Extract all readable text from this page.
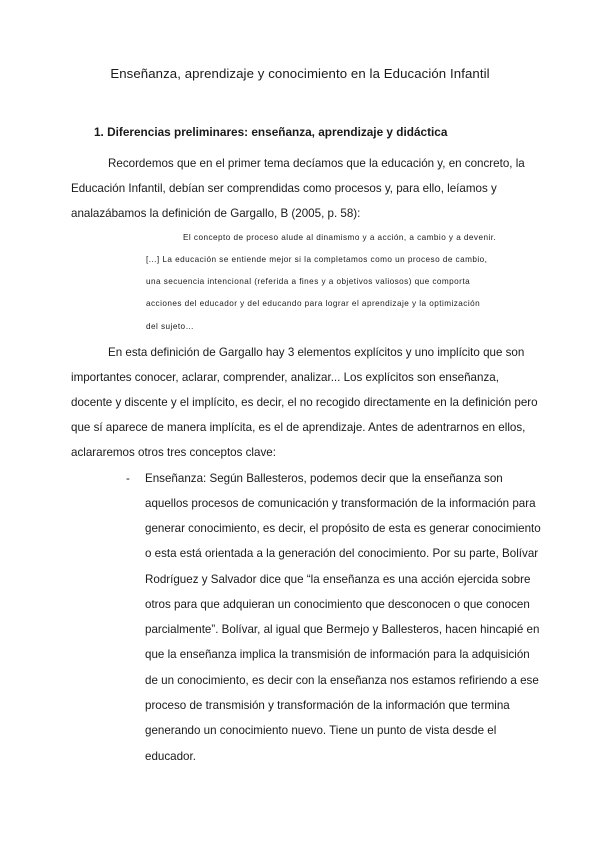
Enseñanza, aprendizaje y conocimiento en la Educación Infantil
1. Diferencias preliminares: enseñanza, aprendizaje y didáctica
Recordemos que en el primer tema decíamos que la educación y, en concreto, la
Educación Infantil, debían ser comprendidas como procesos y, para ello, leíamos y
analazábamos la definición de Gargallo, B (2005, p. 58):
El concepto de proceso alude al dinamismo y a acción, a cambio y a devenir.
[...] La educación se entiende mejor si la completamos como un proceso de cambio,
una secuencia intencional (referida a fines y a objetivos valiosos) que comporta
acciones del educador y del educando para lograr el aprendizaje y la optimización
del sujeto…
En esta definición de Gargallo hay 3 elementos explícitos y uno implícito que son
importantes conocer, aclarar, comprender, analizar... Los explícitos son enseñanza,
docente y discente y el implícito, es decir, el no recogido directamente en la definición pero
que sí aparece de manera implícita, es el de aprendizaje. Antes de adentrarnos en ellos,
aclararemos otros tres conceptos clave:
- Enseñanza: Según Ballesteros, podemos decir que la enseñanza son
aquellos procesos de comunicación y transformación de la información para
generar conocimiento, es decir, el propósito de esta es generar conocimiento
o esta está orientada a la generación del conocimiento. Por su parte, Bolívar
Rodríguez y Salvador dice que “la enseñanza es una acción ejercida sobre
otros para que adquieran un conocimiento que desconocen o que conocen
parcialmente”. Bolívar, al igual que Bermejo y Ballesteros, hacen hincapié en
que la enseñanza implica la transmisión de información para la adquisición
de un conocimiento, es decir con la enseñanza nos estamos refiriendo a ese
proceso de transmisión y transformación de la información que termina
generando un conocimiento nuevo. Tiene un punto de vista desde el
educador.
